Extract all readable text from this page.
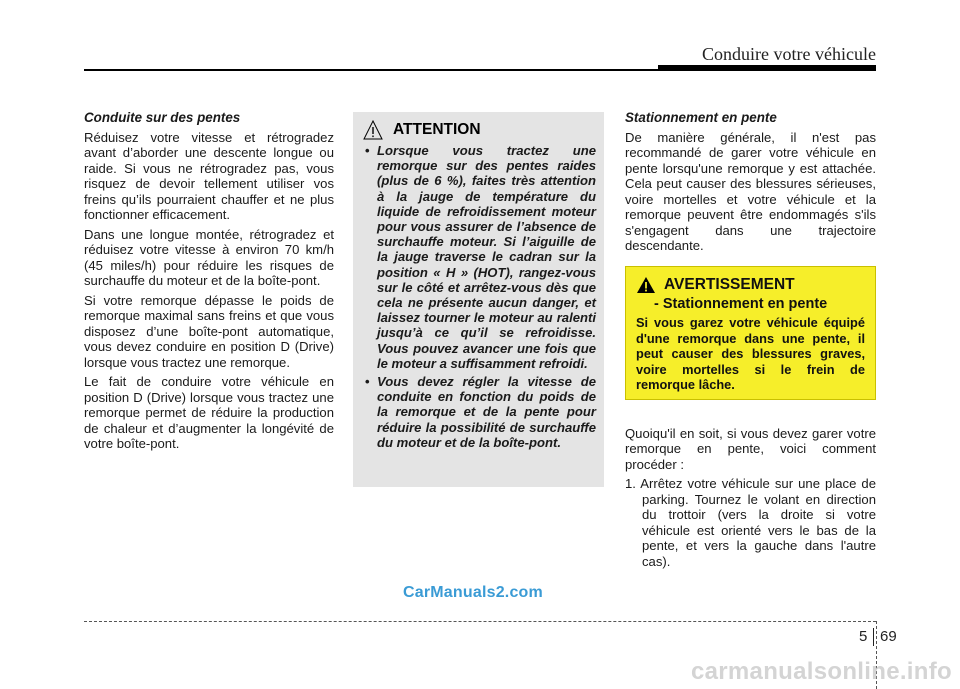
Conduire votre véhicule

Conduite sur des pentes

Réduisez votre vitesse et rétrogradez avant d’aborder une descente longue ou raide. Si vous ne rétrogradez pas, vous risquez de devoir tellement utiliser vos freins qu’ils pourraient chauffer et ne plus fonctionner efficacement.

Dans une longue montée, rétrogradez et réduisez votre vitesse à environ 70 km/h (45 miles/h) pour réduire les risques de surchauffe du moteur et de la boîte-pont.

Si votre remorque dépasse le poids de remorque maximal sans freins et que vous disposez d’une boîte-pont automatique, vous devez conduire en position D (Drive) lorsque vous tractez une remorque.

Le fait de conduire votre véhicule en position D (Drive) lorsque vous tractez une remorque permet de réduire la production de chaleur et d’augmenter la longévité de votre boîte-pont.

ATTENTION
• Lorsque vous tractez une remorque sur des pentes raides (plus de 6 %), faites très attention à la jauge de température du liquide de refroidissement moteur pour vous assurer de l’absence de surchauffe moteur. Si l’aiguille de la jauge traverse le cadran sur la position « H » (HOT), rangez-vous sur le côté et arrêtez-vous dès que cela ne présente aucun danger, et laissez tourner le moteur au ralenti jusqu’à ce qu’il se refroidisse. Vous pouvez avancer une fois que le moteur a suffisamment refroidi.
• Vous devez régler la vitesse de conduite en fonction du poids de la remorque et de la pente pour réduire la possibilité de surchauffe du moteur et de la boîte-pont.

Stationnement en pente

De manière générale, il n'est pas recommandé de garer votre véhicule en pente lorsqu'une remorque y est attachée. Cela peut causer des blessures sérieuses, voire mortelles et votre véhicule et la remorque peuvent être endommagés s'ils s'engagent dans une trajectoire descendante.

Quoiqu'il en soit, si vous devez garer votre remorque en pente, voici comment procéder :

1. Arrêtez votre véhicule sur une place de parking. Tournez le volant en direction du trottoir (vers la droite si votre véhicule est orienté vers le bas de la pente, et vers la gauche dans l'autre cas).
AVERTISSEMENT
- Stationnement en pente

Si vous garez votre véhicule équipé d'une remorque dans une pente, il peut causer des blessures graves, voire mortelles si le frein de remorque lâche.

CarManuals2.com
5 69
carmanualsonline.info
